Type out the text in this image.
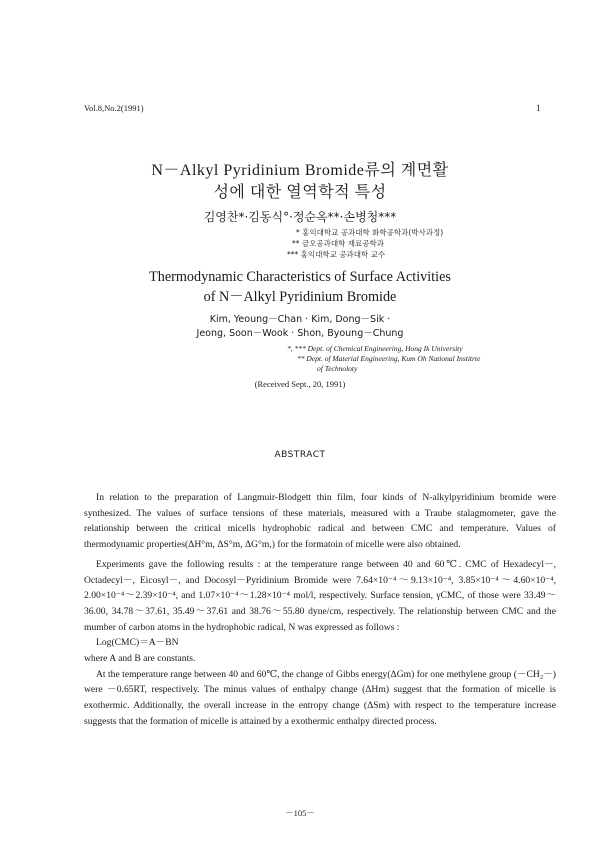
Vol.8,No.2(1991)	1
N－Alkyl Pyridinium Bromide류의 계면활
성에 대한 열역학적 특성
김영찬*·김동식°·정순옥**·손병청***
* 홍익대학교 공과대학 화학공학과(박사과정)
** 금오공과대학 재료공학과
*** 홍익대학교 공과대학 교수
Thermodynamic Characteristics of Surface Activities
of N－Alkyl Pyridinium Bromide
Kim, Yeoung－Chan · Kim, Dong－Sik ·
Jeong, Soon－Wook · Shon, Byoung－Chung
*, *** Dept. of Chemical Engineering, Hong Ik University
** Dept. of Material Engineering, Kum Oh National Institrte
of Technoloty
(Received Sept., 20, 1991)
ABSTRACT

In relation to the preparation of Langmuir-Blodgett thin film, four kinds of N-alkylpyridinium bromide were synthesized. The values of surface tensions of these materials, measured with a Traube stalagmometer, gave the relationship between the critical micells hydrophobic radical and between CMC and temperature. Values of thermodynamic properties(ΔH°m, ΔS°m, ΔG°m,) for the formatoin of micelle were also obtained.

Experiments gave the following results : at the temperature range between 40 and 60℃. CMC of Hexadecyl－, Octadecyl－, Eicosyl－, and Docosyl－Pyridinium Bromide were 7.64×10⁻⁴～9.13×10⁻⁴, 3.85×10⁻⁴～4.60×10⁻⁴, 2.00×10⁻⁴～2.39×10⁻⁴, and 1.07×10⁻⁴～1.28×10⁻⁴ mol/l, respectively. Surface tension, γCMC, of those were 33.49～36.00, 34.78～37.61, 35.49～37.61 and 38.76～55.80 dyne/cm, respectively. The relationship between CMC and the mumber of carbon atoms in the hydrophobic radical, N was expressed as follows :

Log(CMC)＝A－BN

where A and B are constants.

At the temperature range between 40 and 60℃, the change of Gibbs energy(ΔGm) for one methylene group (－CH₂－) were －0.65RT, respectively. The minus values of enthalpy change (ΔHm) suggest that the formation of micelle is exothermic. Additionally, the overall increase in the entropy change (ΔSm) with respect to the temperature increase suggests that the formation of micelle is attained by a exothermic enthalpy directed process.

－105－
